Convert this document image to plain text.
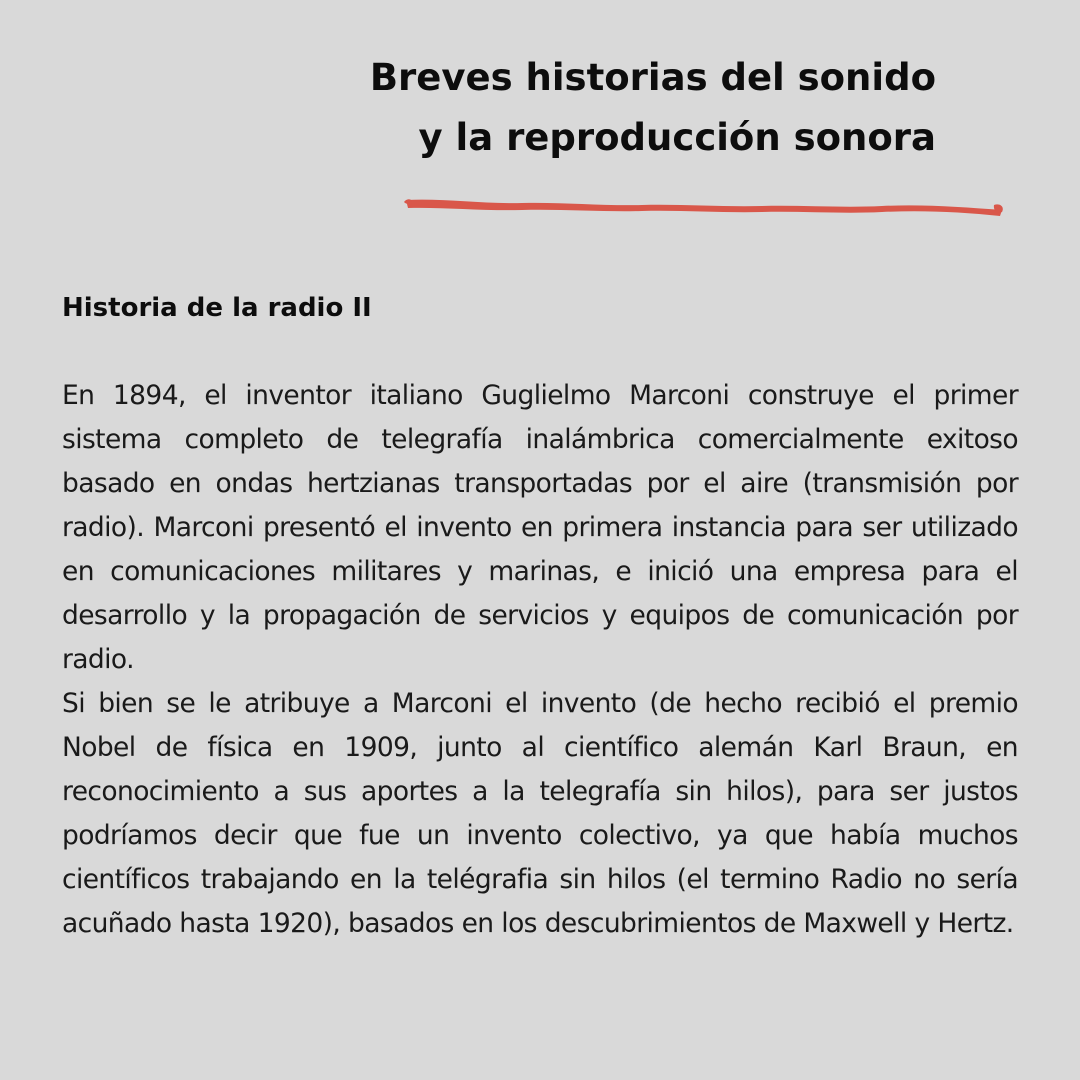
Breves historias del sonido
y la reproducción sonora
Historia de la radio II

En 1894, el inventor italiano Guglielmo Marconi construye el primer sistema completo de telegrafía inalámbrica comercialmente exitoso basado en ondas hertzianas transportadas por el aire (transmisión por radio). Marconi presentó el invento en primera instancia para ser utilizado en comunicaciones militares y marinas, e inició una empresa para el desarrollo y la propagación de servicios y equipos de comunicación por radio.

Si bien se le atribuye a Marconi el invento (de hecho recibió el premio Nobel de física en 1909, junto al científico alemán Karl Braun, en reconocimiento a sus aportes a la telegrafía sin hilos), para ser justos podríamos decir que fue un invento colectivo, ya que había muchos científicos trabajando en la telégrafia sin hilos (el termino Radio no sería acuñado hasta 1920), basados en los descubrimientos de Maxwell y Hertz.
